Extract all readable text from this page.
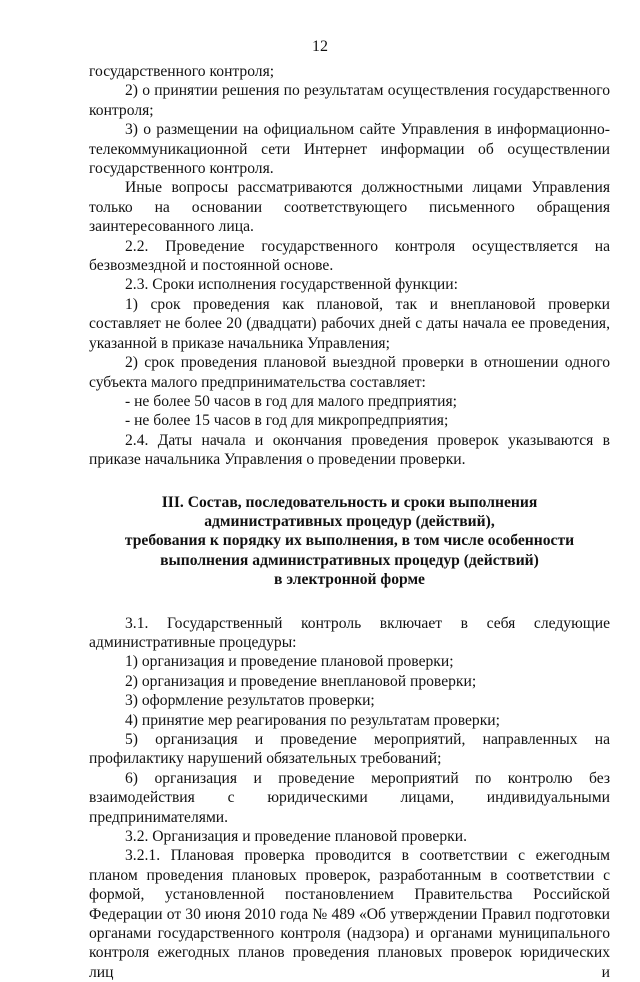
12

государственного контроля;

2) о принятии решения по результатам осуществления государственного контроля;

3) о размещении на официальном сайте Управления в информационно-телекоммуникационной сети Интернет информации об осуществлении государственного контроля.

Иные вопросы рассматриваются должностными лицами Управления только на основании соответствующего письменного обращения заинтересованного лица.

2.2. Проведение государственного контроля осуществляется на безвозмездной и постоянной основе.

2.3. Сроки исполнения государственной функции:

1) срок проведения как плановой, так и внеплановой проверки составляет не более 20 (двадцати) рабочих дней с даты начала ее проведения, указанной в приказе начальника Управления;

2) срок проведения плановой выездной проверки в отношении одного субъекта малого предпринимательства составляет:

- не более 50 часов в год для малого предприятия;

- не более 15 часов в год для микропредприятия;

2.4. Даты начала и окончания проведения проверок указываются в приказе начальника Управления о проведении проверки.

III. Состав, последовательность и сроки выполнения
административных процедур (действий),
требования к порядку их выполнения, в том числе особенности
выполнения административных процедур (действий)
в электронной форме

3.1. Государственный контроль включает в себя следующие административные процедуры:

1) организация и проведение плановой проверки;

2) организация и проведение внеплановой проверки;

3) оформление результатов проверки;

4) принятие мер реагирования по результатам проверки;

5) организация и проведение мероприятий, направленных на профилактику нарушений обязательных требований;

6) организация и проведение мероприятий по контролю без взаимодействия с юридическими лицами, индивидуальными предпринимателями.

3.2. Организация и проведение плановой проверки.

3.2.1. Плановая проверка проводится в соответствии с ежегодным планом проведения плановых проверок, разработанным в соответствии с формой, установленной постановлением Правительства Российской Федерации от 30 июня 2010 года № 489 «Об утверждении Правил подготовки органами государственного контроля (надзора) и органами муниципального контроля ежегодных планов проведения плановых проверок юридических лиц и
